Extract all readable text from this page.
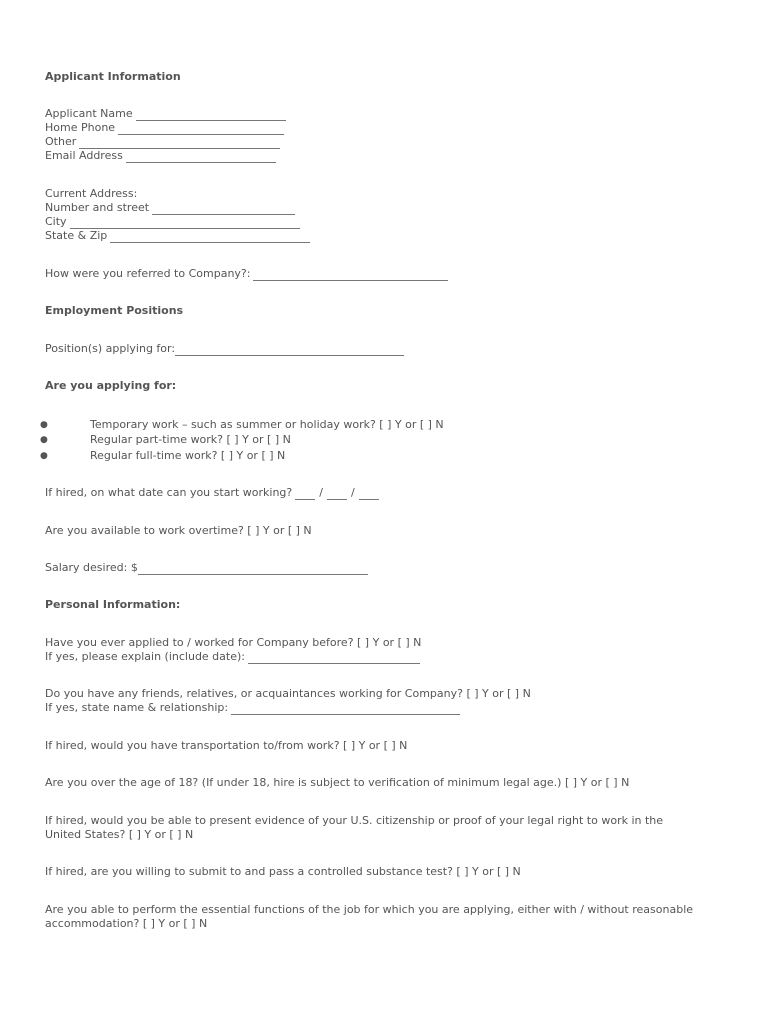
Applicant Information
Applicant Name
Home Phone
Other
Email Address
Current Address:
Number and street
City
State & Zip
How were you referred to Company?:
Employment Positions
Position(s) applying for:
Are you applying for:
●	Temporary work – such as summer or holiday work? [ ] Y or [ ] N
●	Regular part-time work? [ ] Y or [ ] N
●	Regular full-time work? [ ] Y or [ ] N
If hired, on what date can you start working? /	/
Are you available to work overtime? [ ] Y or [ ] N
Salary desired: $
Personal Information:
Have you ever applied to / worked for Company before? [ ] Y or [ ] N
If yes, please explain (include date):
Do you have any friends, relatives, or acquaintances working for Company? [ ] Y or [ ] N
If yes, state name & relationship:
If hired, would you have transportation to/from work? [ ] Y or [ ] N
Are you over the age of 18? (If under 18, hire is subject to verification of minimum legal age.) [ ] Y or [ ] N
If hired, would you be able to present evidence of your U.S. citizenship or proof of your legal right to work in the
United States? [ ] Y or [ ] N
If hired, are you willing to submit to and pass a controlled substance test? [ ] Y or [ ] N
Are you able to perform the essential functions of the job for which you are applying, either with / without reasonable
accommodation? [ ] Y or [ ] N
